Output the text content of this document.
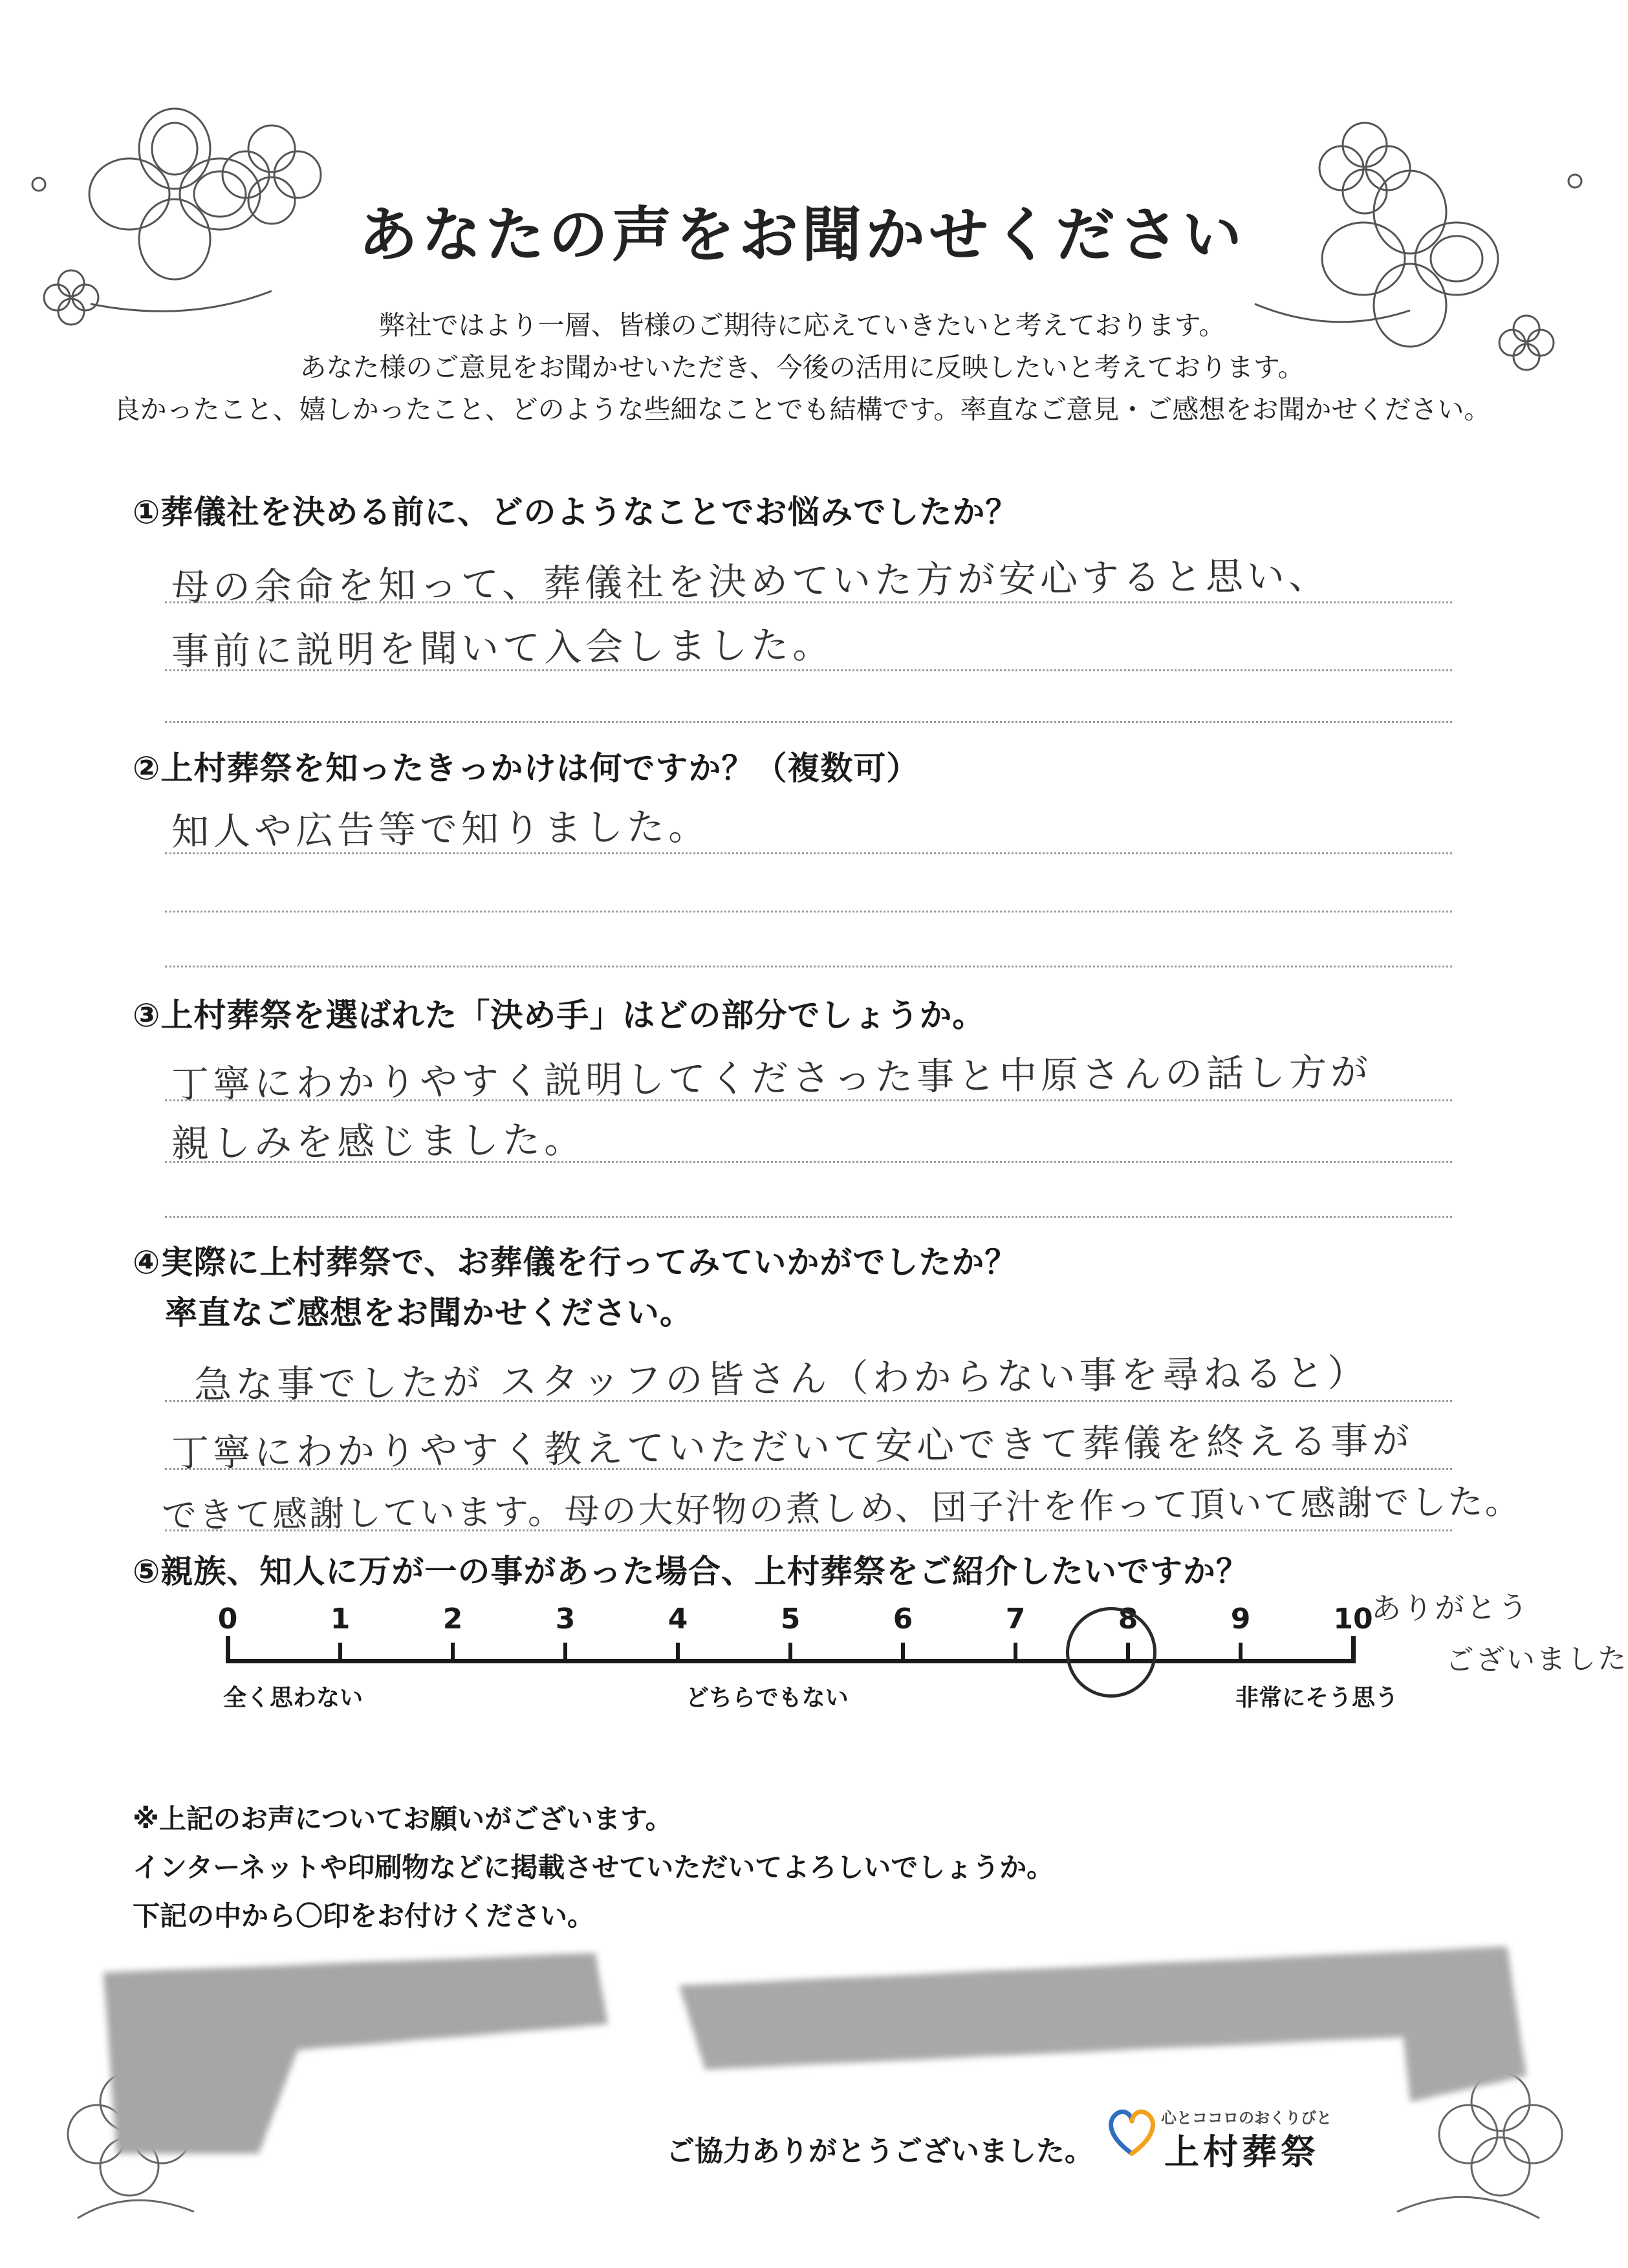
あなたの声をお聞かせください
弊社ではより一層、皆様のご期待に応えていきたいと考えております。
あなた様のご意見をお聞かせいただき、今後の活用に反映したいと考えております。
良かったこと、嬉しかったこと、どのような些細なことでも結構です。率直なご意見・ご感想をお聞かせください。
①葬儀社を決める前に、どのようなことでお悩みでしたか？
母の余命を知って、葬儀社を決めていた方が安心すると思い、
事前に説明を聞いて入会しました。
②上村葬祭を知ったきっかけは何ですか？（複数可）
知人や広告等で知りました。
③上村葬祭を選ばれた「決め手」はどの部分でしょうか。
丁寧にわかりやすく説明してくださった事と中原さんの話し方が
親しみを感じました。
④実際に上村葬祭で、お葬儀を行ってみていかがでしたか？
率直なご感想をお聞かせください。
急な事でしたが スタッフの皆さん（わからない事を尋ねると）
丁寧にわかりやすく教えていただいて安心できて葬儀を終える事が
できて感謝しています。母の大好物の煮しめ、団子汁を作って頂いて感謝でした。
⑤親族、知人に万が一の事があった場合、上村葬祭をご紹介したいですか？
0	1	2	3	4	5	6	7	8	9	10
全く思わない	どちらでもない	非常にそう思う
ありがとう
ございました
※上記のお声についてお願いがございます。
インターネットや印刷物などに掲載させていただいてよろしいでしょうか。
下記の中から〇印をお付けください。
ご協力ありがとうございました。
心とココロのおくりびと
上村葬祭
